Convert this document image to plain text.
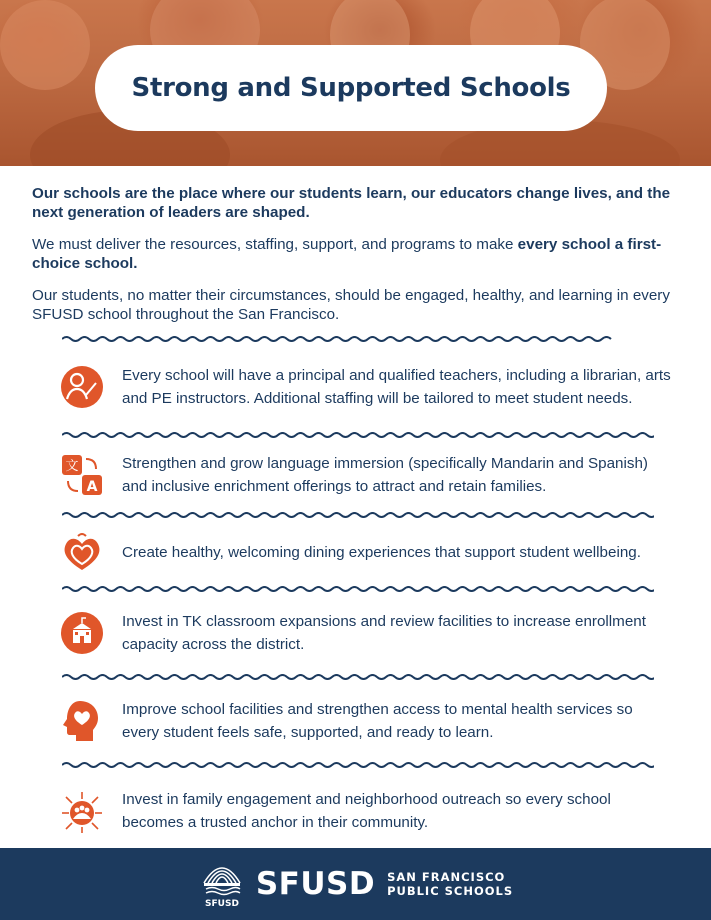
Strong and Supported Schools

Our schools are the place where our students learn, our educators change lives, and the next generation of leaders are shaped.

We must deliver the resources, staffing, support, and programs to make every school a first-choice school.

Our students, no matter their circumstances, should be engaged, healthy, and learning in every SFUSD school throughout the San Francisco.

Every school will have a principal and qualified teachers, including a librarian, arts and PE instructors. Additional staffing will be tailored to meet student needs.
文
A
Strengthen and grow language immersion (specifically Mandarin and Spanish) and inclusive enrichment offerings to attract and retain families.
Create healthy, welcoming dining experiences that support student wellbeing.
Invest in TK classroom expansions and review facilities to increase enrollment capacity across the district.
Improve school facilities and strengthen access to mental health services so every student feels safe, supported, and ready to learn.
Invest in family engagement and neighborhood outreach so every school becomes a trusted anchor in their community.
SFUSD
SFUSD SAN FRANCISCO
PUBLIC SCHOOLS
